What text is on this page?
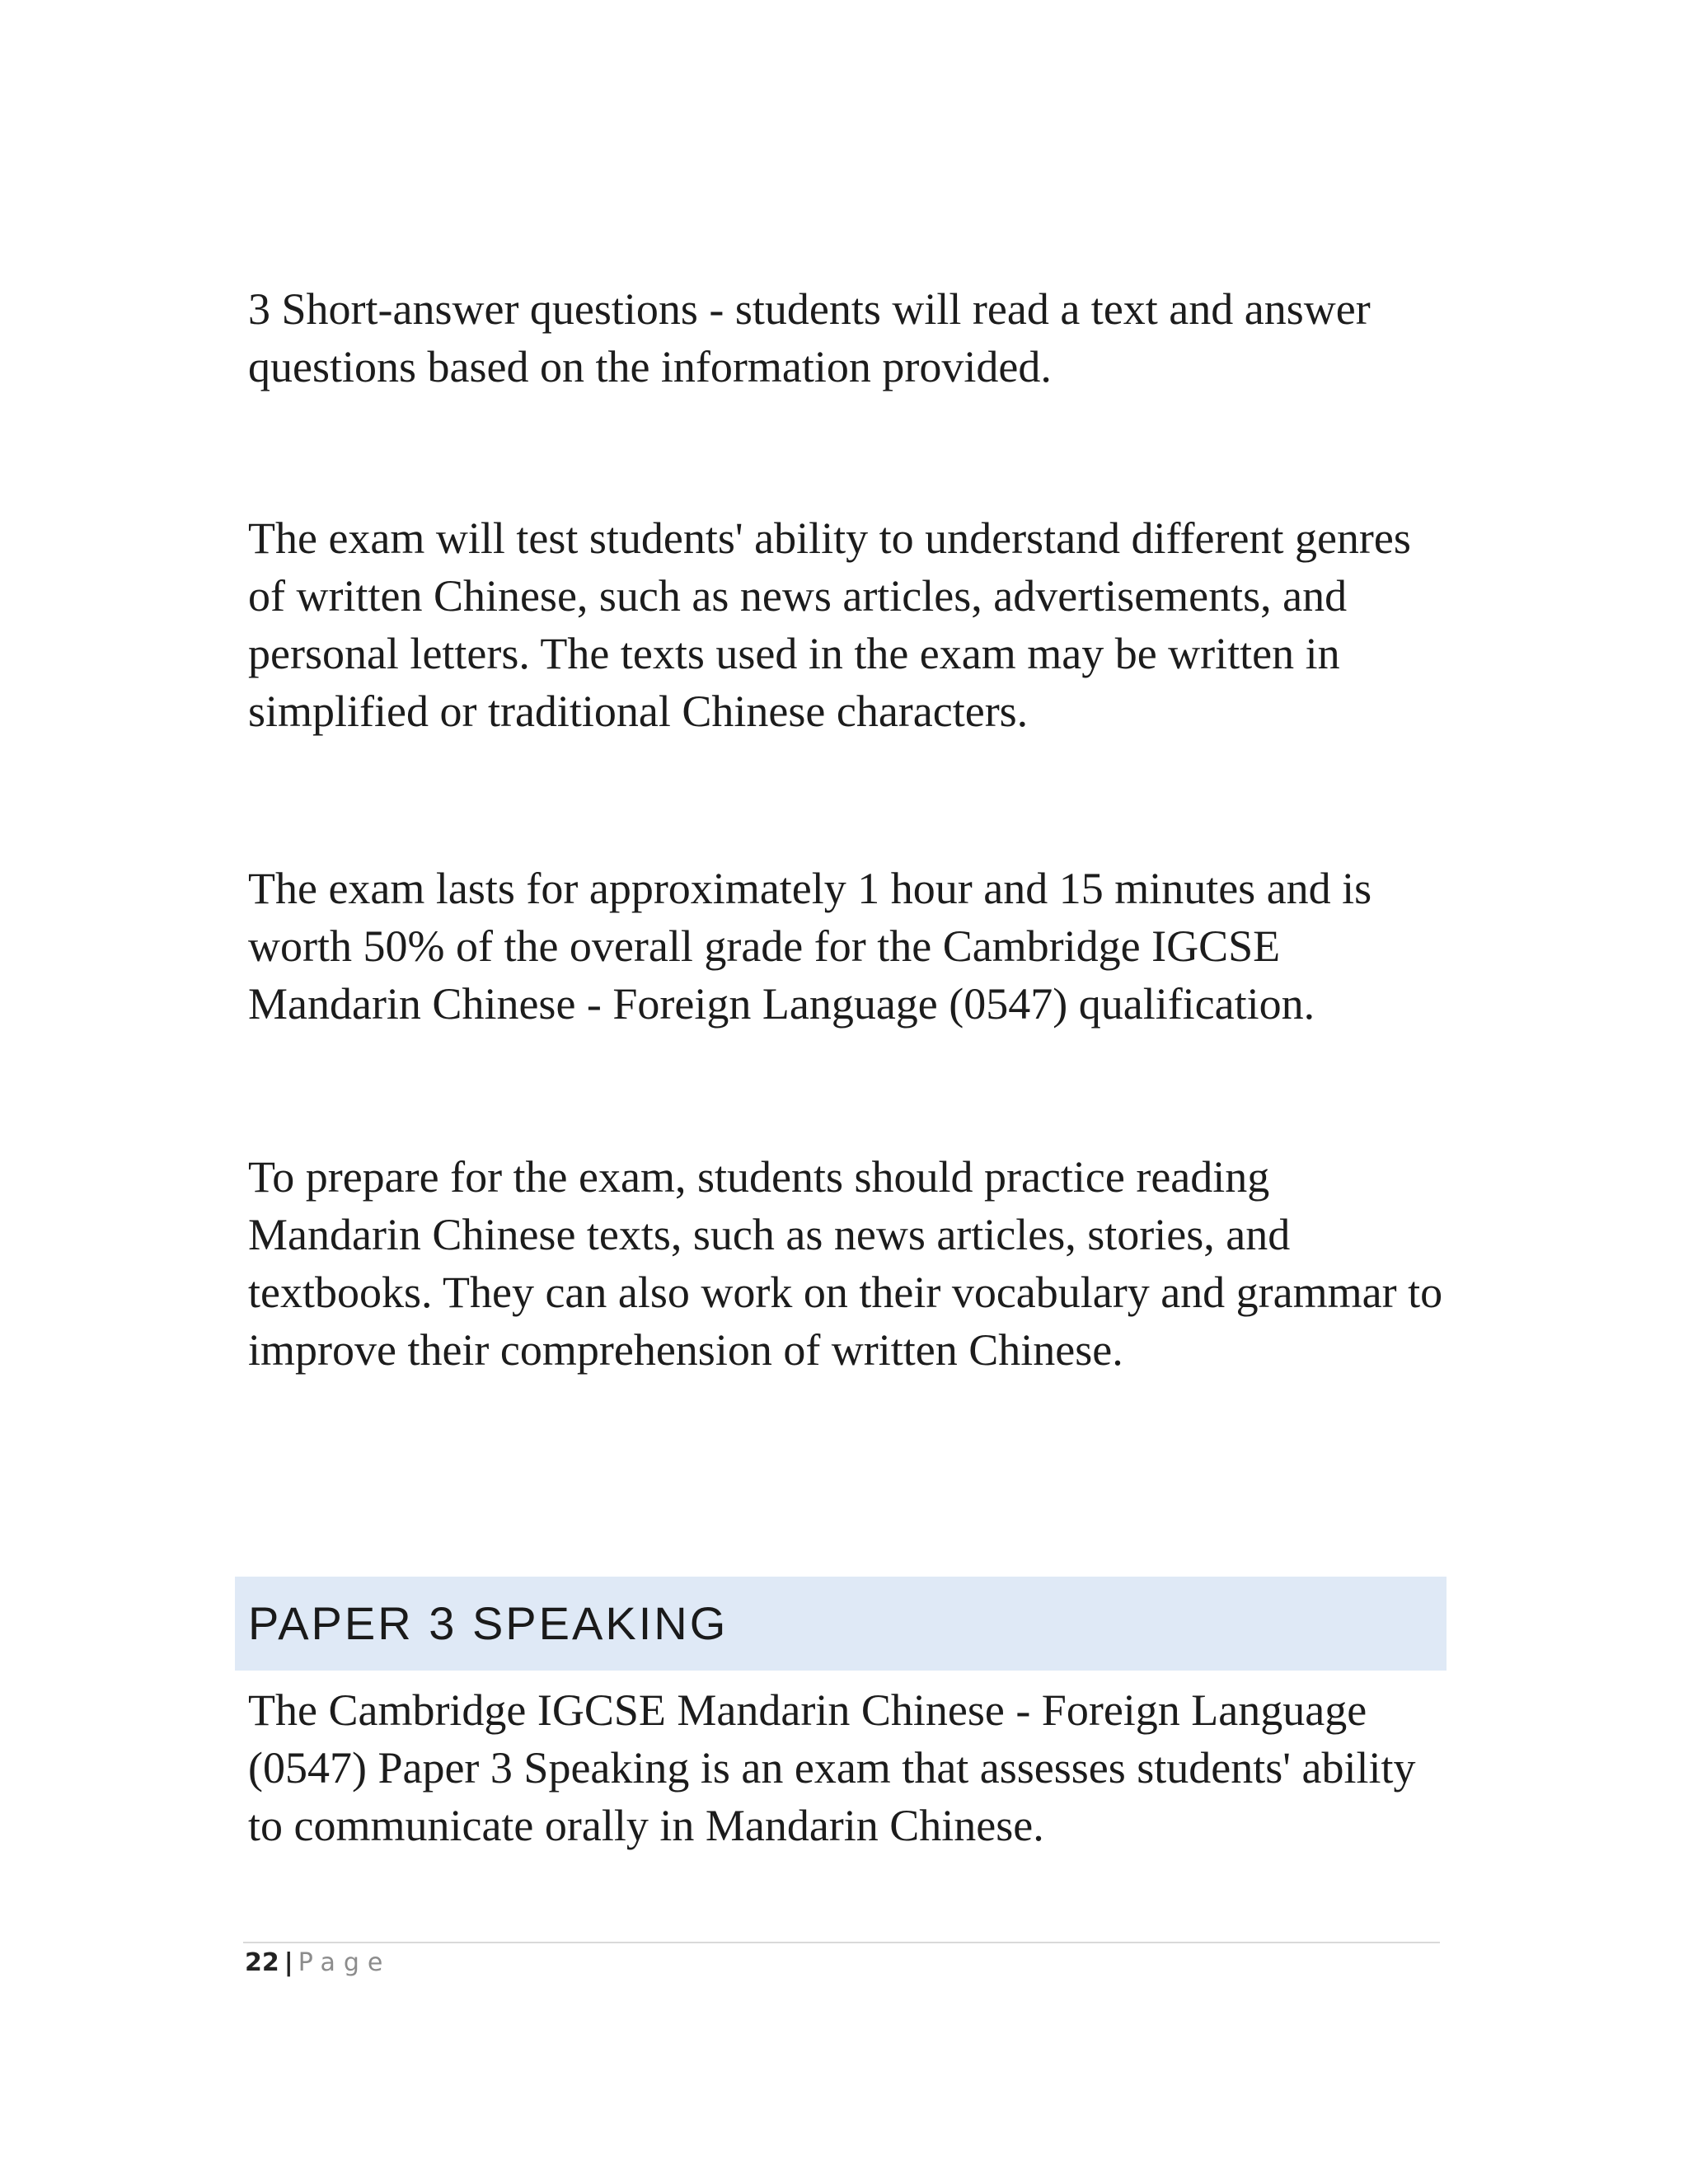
3 Short-answer questions - students will read a text and answer questions based on the information provided.

The exam will test students' ability to understand different genres of written Chinese, such as news articles, advertisements, and personal letters. The texts used in the exam may be written in simplified or traditional Chinese characters.

The exam lasts for approximately 1 hour and 15 minutes and is worth 50% of the overall grade for the Cambridge IGCSE Mandarin Chinese - Foreign Language (0547) qualification.

To prepare for the exam, students should practice reading Mandarin Chinese texts, such as news articles, stories, and textbooks. They can also work on their vocabulary and grammar to improve their comprehension of written Chinese.

PAPER 3 SPEAKING

The Cambridge IGCSE Mandarin Chinese - Foreign Language (0547) Paper 3 Speaking is an exam that assesses students' ability to communicate orally in Mandarin Chinese.

22 | Page
